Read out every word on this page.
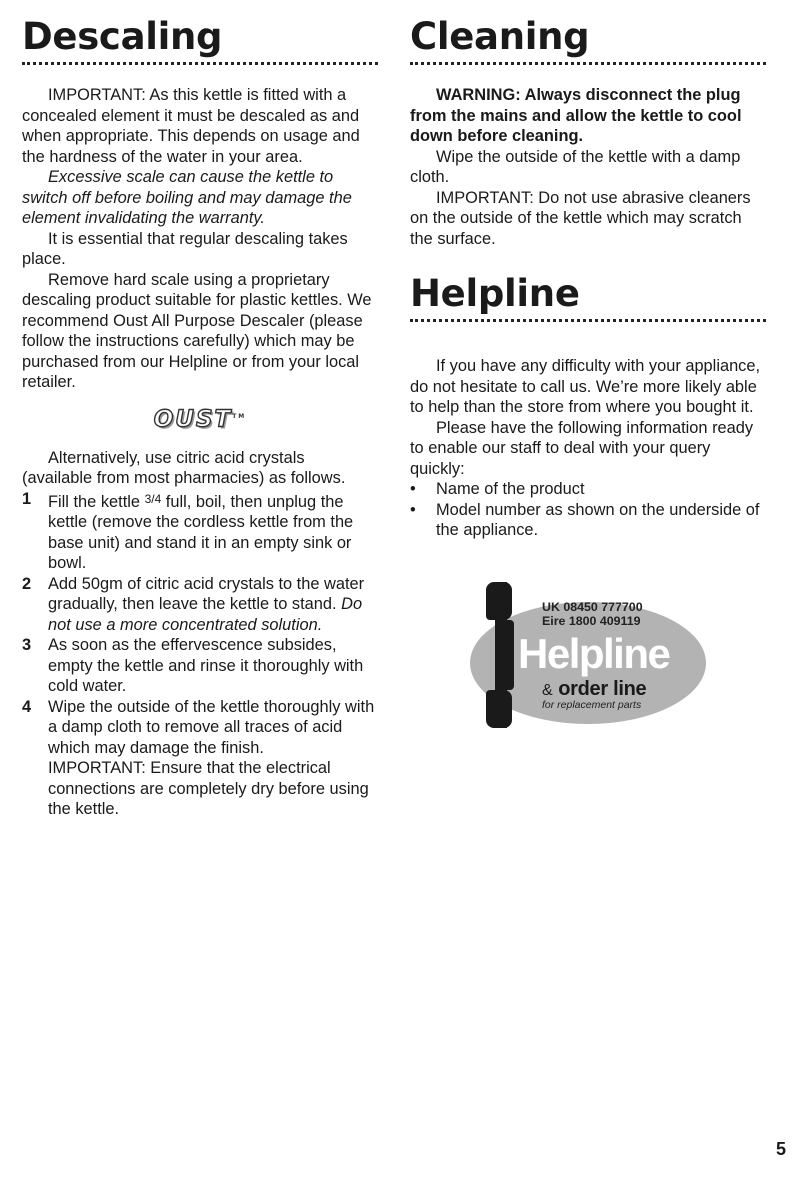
Descaling

IMPORTANT: As this kettle is fitted with a concealed element it must be descaled as and when appropriate. This depends on usage and the hardness of the water in your area.

Excessive scale can cause the kettle to switch off before boiling and may damage the element invalidating the warranty.

It is essential that regular descaling takes place.

Remove hard scale using a proprietary descaling product suitable for plastic kettles. We recommend Oust All Purpose Descaler (please follow the instructions carefully) which may be purchased from our Helpline or from your local retailer.

OUST™

Alternatively, use citric acid crystals (available from most pharmacies) as follows.

1 Fill the kettle $^{3/4}$ full, boil, then unplug the kettle (remove the cordless kettle from the base unit) and stand it in an empty sink or bowl.
2 Add 50gm of citric acid crystals to the water gradually, then leave the kettle to stand. Do not use a more concentrated solution.
3 As soon as the effervescence subsides, empty the kettle and rinse it thoroughly with cold water.
4 Wipe the outside of the kettle thoroughly with a damp cloth to remove all traces of acid which may damage the finish.
IMPORTANT: Ensure that the electrical connections are completely dry before using the kettle.
Cleaning

WARNING: Always disconnect the plug from the mains and allow the kettle to cool down before cleaning.

Wipe the outside of the kettle with a damp cloth.

IMPORTANT: Do not use abrasive cleaners on the outside of the kettle which may scratch the surface.

Helpline

If you have any difficulty with your appliance, do not hesitate to call us. We’re more likely able to help than the store from where you bought it.

Please have the following information ready to enable our staff to deal with your query quickly:

• Name of the product
• Model number as shown on the underside of the appliance.
UK 08450 777700
Eire 1800 409119
Helpline
& order line
for replacement parts
5
